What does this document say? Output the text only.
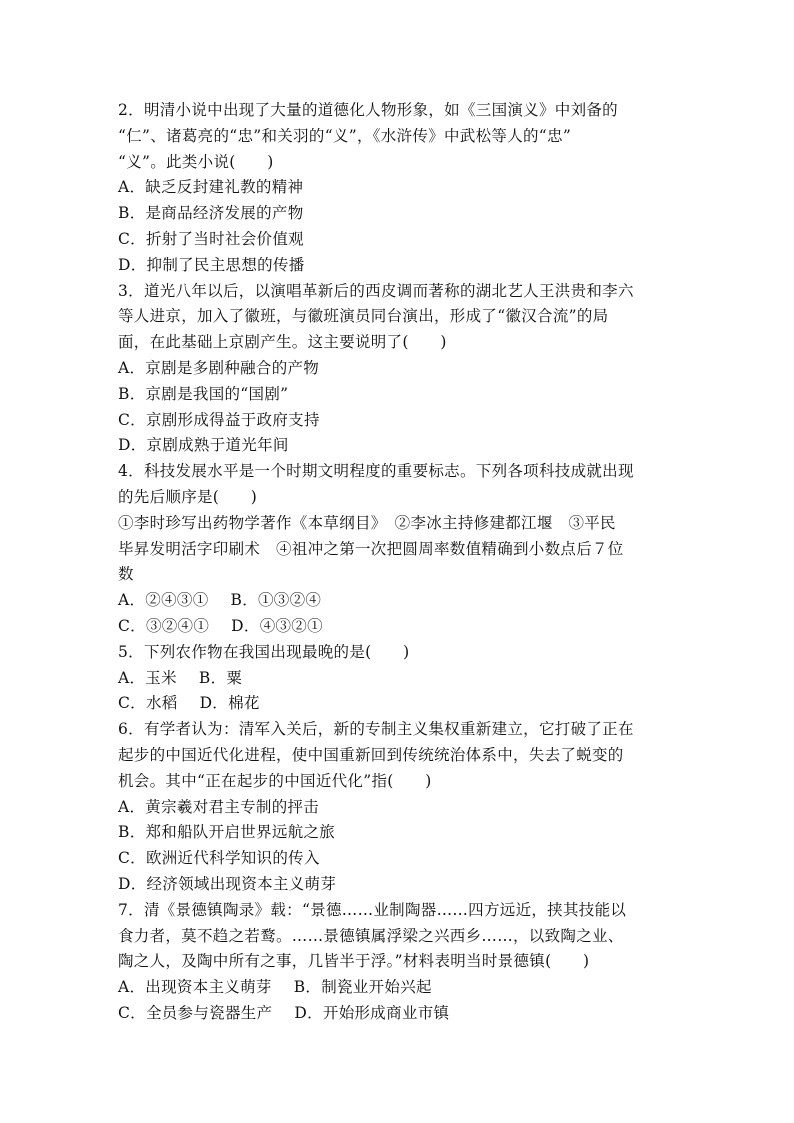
2．明清小说中出现了大量的道德化人物形象，如《三国演义》中刘备的
“仁”、诸葛亮的“忠”和关羽的“义”，《水浒传》中武松等人的“忠”
“义”。此类小说(　　)
A．缺乏反封建礼教的精神
B．是商品经济发展的产物
C．折射了当时社会价值观
D．抑制了民主思想的传播
3．道光八年以后，以演唱革新后的西皮调而著称的湖北艺人王洪贵和李六
等人进京，加入了徽班，与徽班演员同台演出，形成了“徽汉合流”的局
面，在此基础上京剧产生。这主要说明了(　　)
A．京剧是多剧种融合的产物
B．京剧是我国的“国剧”
C．京剧形成得益于政府支持
D．京剧成熟于道光年间
4．科技发展水平是一个时期文明程度的重要标志。下列各项科技成就出现
的先后顺序是(　　)
①李时珍写出药物学著作《本草纲目》　②李冰主持修建都江堰　③平民
毕昇发明活字印刷术　④祖冲之第一次把圆周率数值精确到小数点后７位
数
A．②④③① B．①③②④
C．③②④① D．④③②①
5．下列农作物在我国出现最晚的是(　　)
A．玉米 B．粟
C．水稻 D．棉花
6．有学者认为：清军入关后，新的专制主义集权重新建立，它打破了正在
起步的中国近代化进程，使中国重新回到传统统治体系中，失去了蜕变的
机会。其中“正在起步的中国近代化”指(　　)
A．黄宗羲对君主专制的抨击
B．郑和船队开启世界远航之旅
C．欧洲近代科学知识的传入
D．经济领域出现资本主义萌芽
7．清《景德镇陶录》载：“景德……业制陶器……四方远近，挟其技能以
食力者，莫不趋之若鹜。……景德镇属浮梁之兴西乡……，以致陶之业、
陶之人，及陶中所有之事，几皆半于浮。”材料表明当时景德镇(　　)
A．出现资本主义萌芽 B．制瓷业开始兴起
C．全员参与瓷器生产 D．开始形成商业市镇
